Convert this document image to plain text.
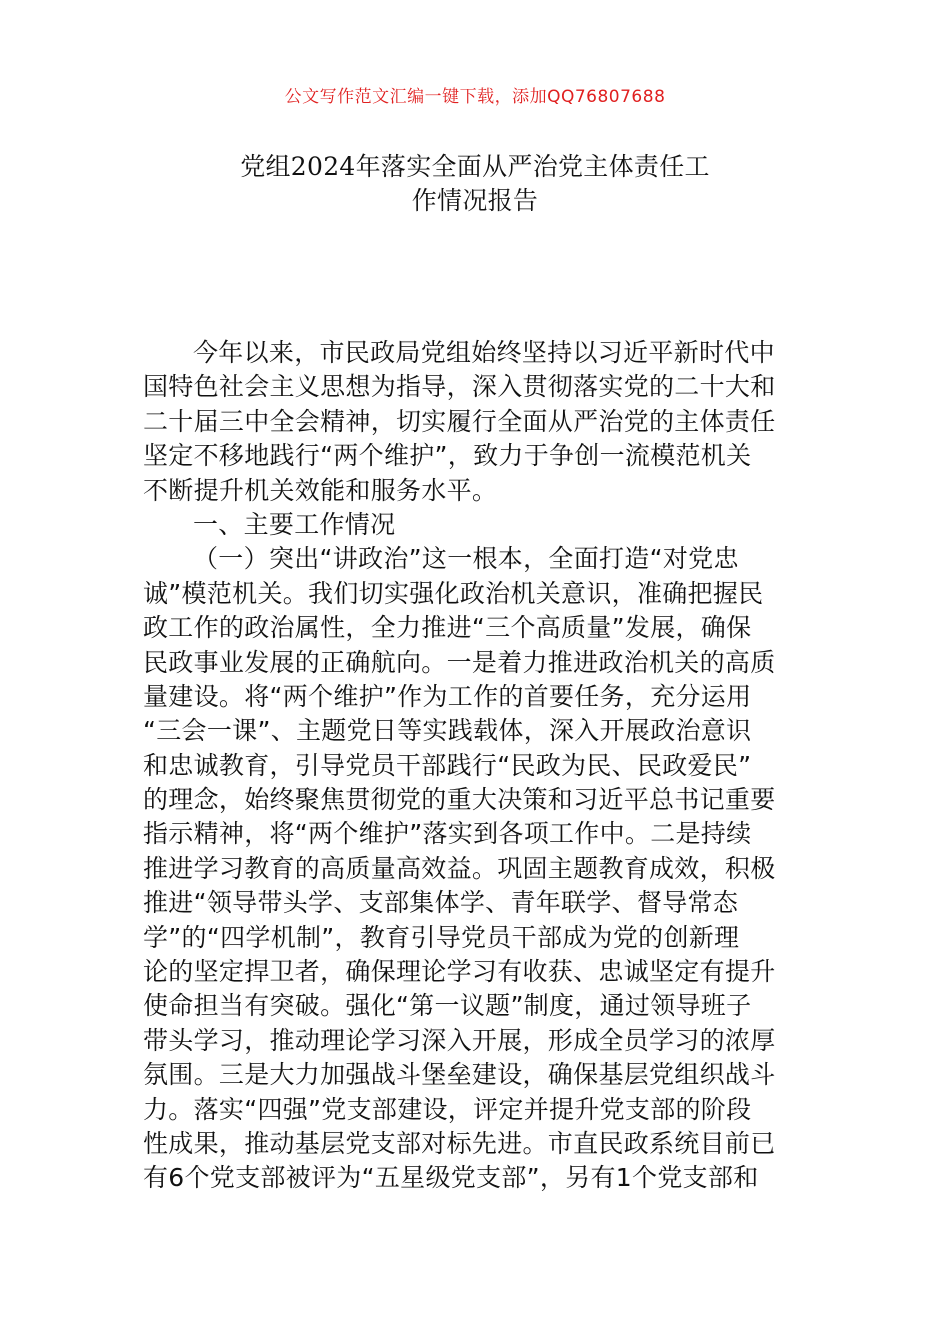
公文写作范文汇编一键下载，添加QQ76807688
党组2024年落实全面从严治党主体责任工
作情况报告
今年以来，市民政局党组始终坚持以习近平新时代中
国特色社会主义思想为指导，深入贯彻落实党的二十大和
二十届三中全会精神，切实履行全面从严治党的主体责任
坚定不移地践行“两个维护”，致力于争创一流模范机关
不断提升机关效能和服务水平。
一、主要工作情况
（一）突出“讲政治”这一根本，全面打造“对党忠
诚”模范机关。我们切实强化政治机关意识，准确把握民
政工作的政治属性，全力推进“三个高质量”发展，确保
民政事业发展的正确航向。一是着力推进政治机关的高质
量建设。将“两个维护”作为工作的首要任务，充分运用
“三会一课”、主题党日等实践载体，深入开展政治意识
和忠诚教育，引导党员干部践行“民政为民、民政爱民”
的理念，始终聚焦贯彻党的重大决策和习近平总书记重要
指示精神，将“两个维护”落实到各项工作中。二是持续
推进学习教育的高质量高效益。巩固主题教育成效，积极
推进“领导带头学、支部集体学、青年联学、督导常态
学”的“四学机制”，教育引导党员干部成为党的创新理
论的坚定捍卫者，确保理论学习有收获、忠诚坚定有提升
使命担当有突破。强化“第一议题”制度，通过领导班子
带头学习，推动理论学习深入开展，形成全员学习的浓厚
氛围。三是大力加强战斗堡垒建设，确保基层党组织战斗
力。落实“四强”党支部建设，评定并提升党支部的阶段
性成果，推动基层党支部对标先进。市直民政系统目前已
有6个党支部被评为“五星级党支部”，另有1个党支部和
